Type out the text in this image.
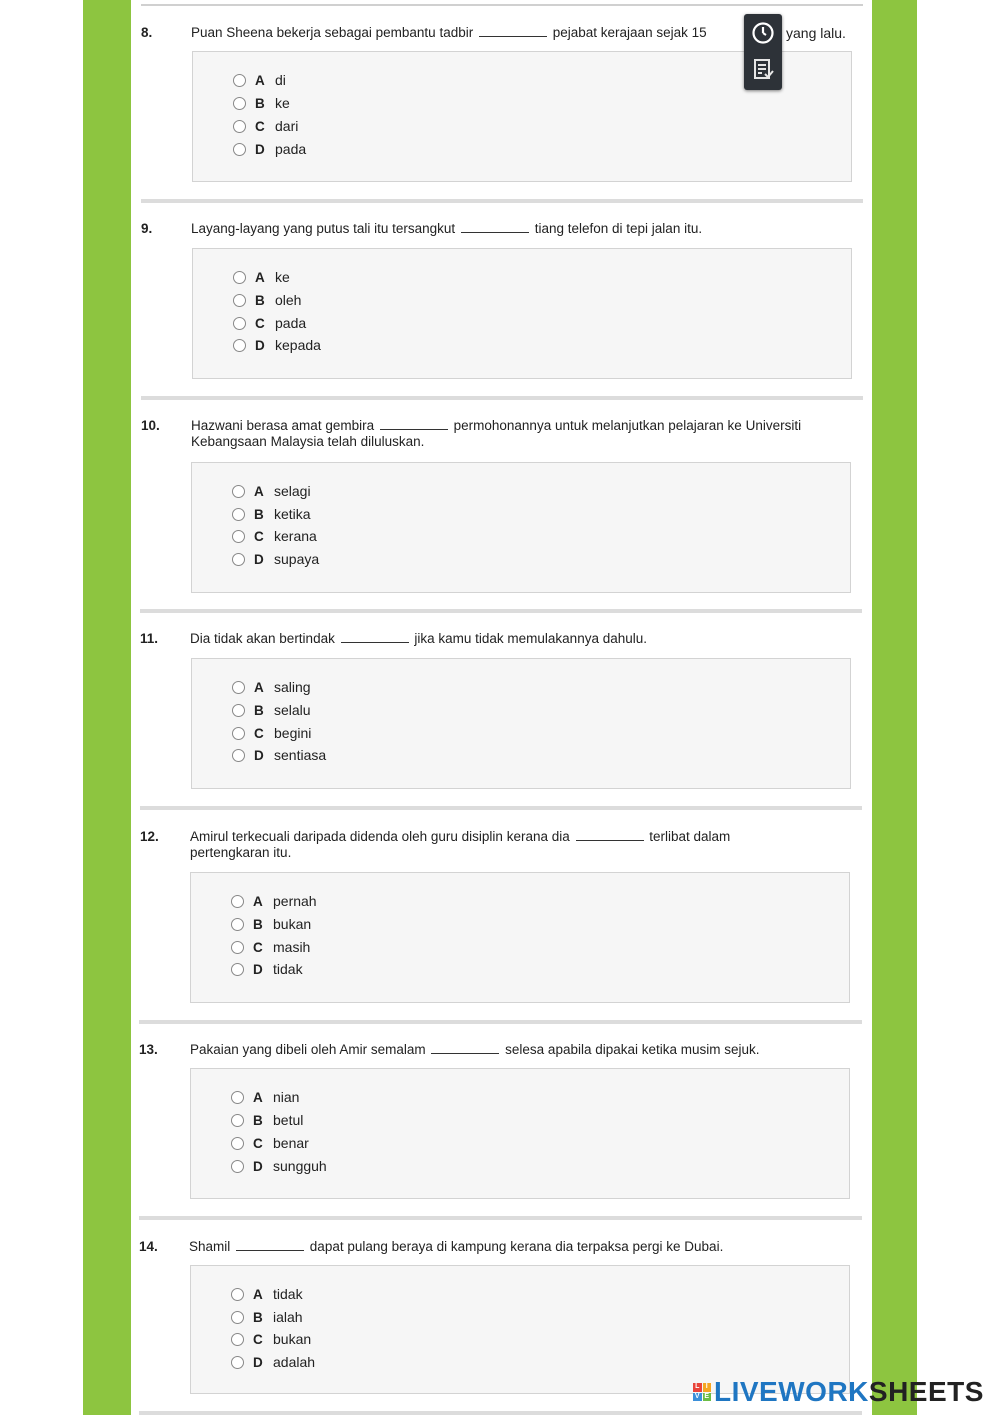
8.	Puan Sheena bekerja sebagai pembantu tadbir	pejabat kerajaan sejak 15
A di
B ke
C dari
D pada
yang lalu.
9.	Layang-layang yang putus tali itu tersangkut	tiang telefon di tepi jalan itu.
A ke
B oleh
C pada
D kepada
10. Hazwani berasa amat gembira	permohonannya untuk melanjutkan pelajaran ke Universiti Kebangsaan Malaysia telah diluluskan.
A selagi
B ketika
C kerana
D supaya
11. Dia tidak akan bertindak	jika kamu tidak memulakannya dahulu.
A saling
B selalu
C begini
D sentiasa
12. Amirul terkecuali daripada didenda oleh guru disiplin kerana dia	terlibat dalam pertengkaran itu.
A pernah
B bukan
C masih
D tidak
13. Pakaian yang dibeli oleh Amir semalam	selesa apabila dipakai ketika musim sejuk.
A nian
B betul
C benar
D sungguh
14. Shamil	dapat pulang beraya di kampung kerana dia terpaksa pergi ke Dubai.
A tidak
B ialah
C bukan
D adalah
L I
V E LIVEWORK SHEETS
